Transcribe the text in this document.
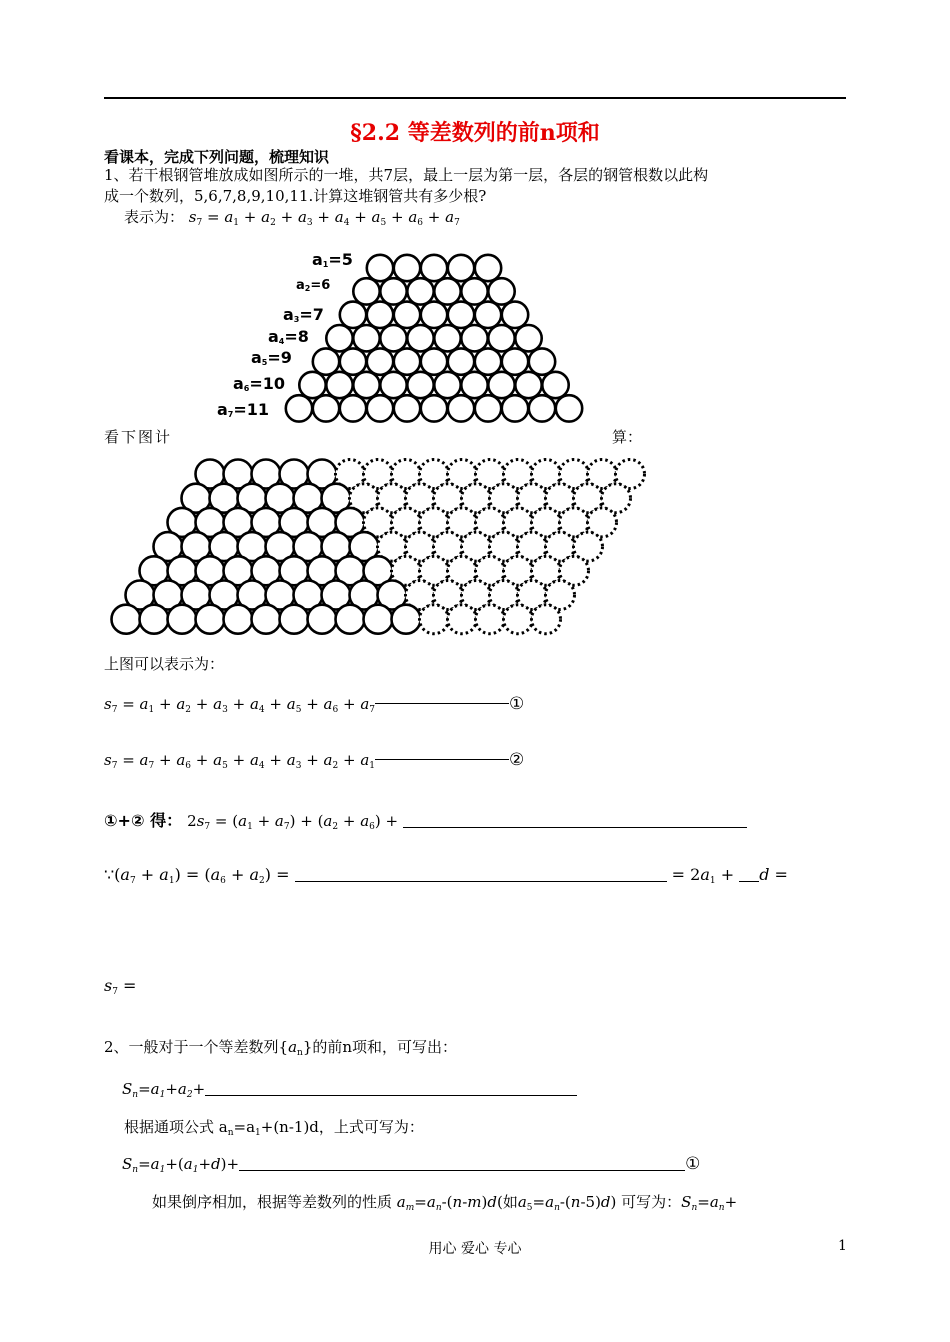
§2.2 等差数列的前n项和
看课本，完成下列问题，梳理知识
1、若干根钢管堆放成如图所示的一堆，共7层，最上一层为第一层，各层的钢管根数以此构
成一个数列，5,6,7,8,9,10,11.计算这堆钢管共有多少根?
表示为： $s_7 = a_1 + a_2 + a_3 + a_4 + a_5 + a_6 + a_7$
$a_1=5$
$a_2=6$
$a_3=7$
$a_4=8$
$a_5=9$
$a_6=10$
$a_7=11$
看下图计	算：
上图可以表示为：
$s_7 = a_1 + a_2 + a_3 + a_4 + a_5 + a_6 + a_7$	①
$s_7 = a_7 + a_6 + a_5 + a_4 + a_3 + a_2 + a_1$	②
①+② 得： $2s_7 = (a_1 + a_7) + (a_2 + a_6)$ +
$\because(a_7 + a_1) = (a_6 + a_2)$ =	= $2a_1 + d$ =
$s_7$ =
2、一般对于一个等差数列$\{a_n\}$的前n项和，可写出：
$S_n=a_1+a_2+$
根据通项公式 $a_n=a_1+(n-1)d$，上式可写为：
$S_n=a_1+(a_1+d)+$	①
如果倒序相加，根据等差数列的性质 $a_m=a_n-(n-m)d$(如$a_5=a_n-(n-5)d$) 可写为：$S_n=a_n+$
用心 爱心 专心	1
